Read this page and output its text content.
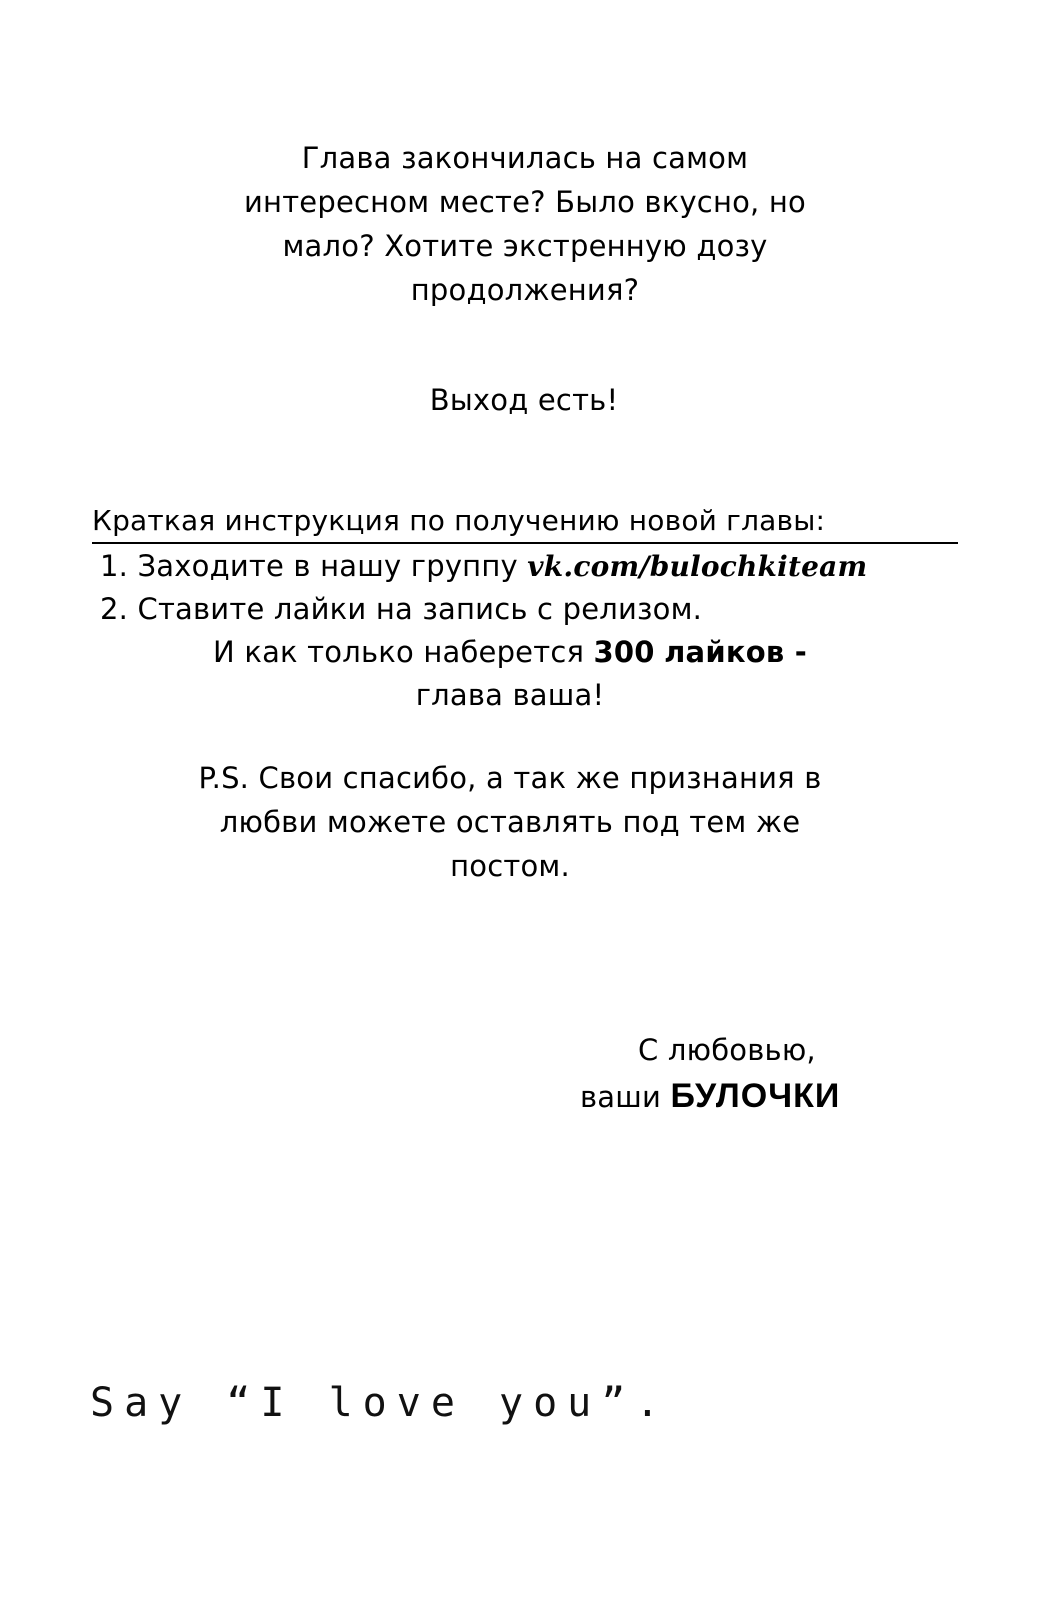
Глава закончилась на самом
интересном месте? Было вкусно, но
мало? Хотите экстренную дозу
продолжения?
Выход есть!
Краткая инструкция по получению новой главы:
1. Заходите в нашу группу vk.com/bulochkiteam
2. Ставите лайки на запись с релизом.
И как только наберется 300 лайков -
глава ваша!
P.S. Свои спасибо, а так же признания в
любви можете оставлять под тем же
постом.
С любовью,
ваши БУЛОЧКИ
Say “I love you”.
